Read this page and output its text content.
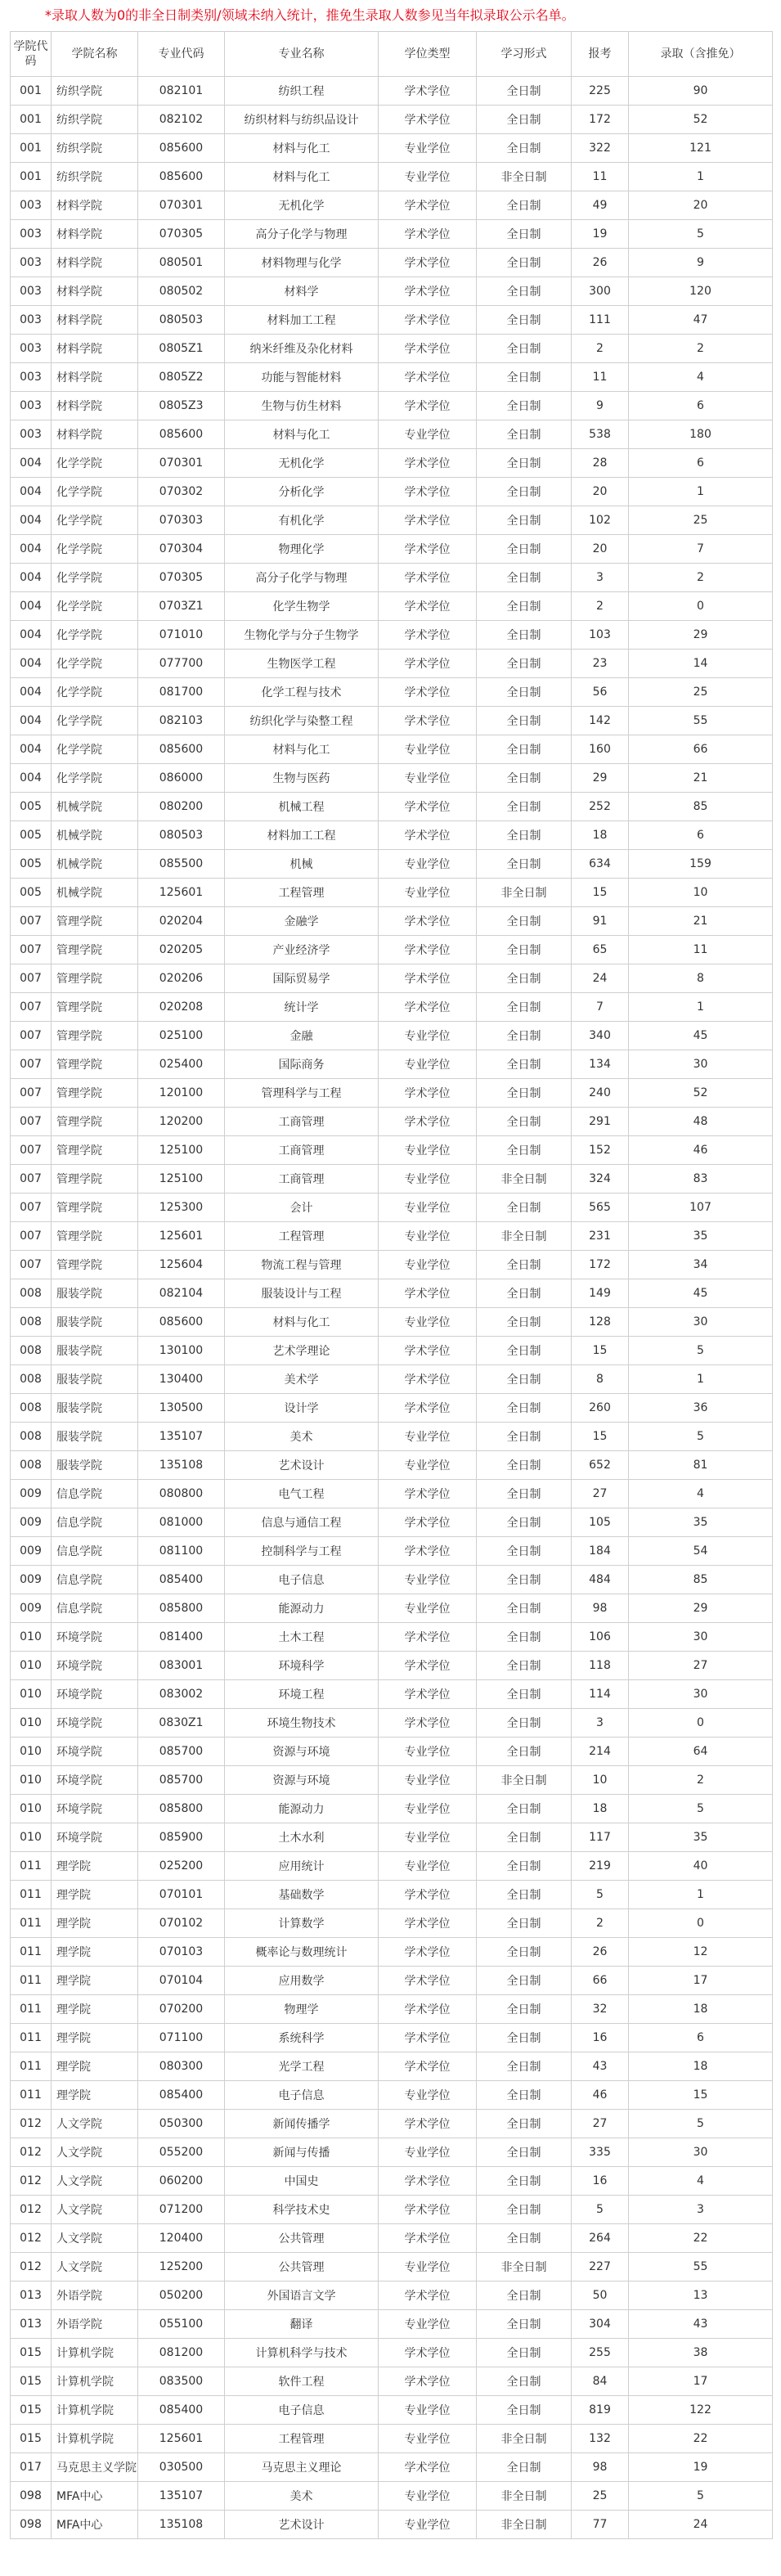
*录取人数为0的非全日制类别/领域未纳入统计，推免生录取人数参见当年拟录取公示名单。
学院代码	学院名称	专业代码	专业名称	学位类型	学习形式	报考	录取（含推免）
001	纺织学院	082101	纺织工程	学术学位	全日制	225	90
001	纺织学院	082102	纺织材料与纺织品设计	学术学位	全日制	172	52
001	纺织学院	085600	材料与化工	专业学位	全日制	322	121
001	纺织学院	085600	材料与化工	专业学位	非全日制	11	1
003	材料学院	070301	无机化学	学术学位	全日制	49	20
003	材料学院	070305	高分子化学与物理	学术学位	全日制	19	5
003	材料学院	080501	材料物理与化学	学术学位	全日制	26	9
003	材料学院	080502	材料学	学术学位	全日制	300	120
003	材料学院	080503	材料加工工程	学术学位	全日制	111	47
003	材料学院	0805Z1	纳米纤维及杂化材料	学术学位	全日制	2	2
003	材料学院	0805Z2	功能与智能材料	学术学位	全日制	11	4
003	材料学院	0805Z3	生物与仿生材料	学术学位	全日制	9	6
003	材料学院	085600	材料与化工	专业学位	全日制	538	180
004	化学学院	070301	无机化学	学术学位	全日制	28	6
004	化学学院	070302	分析化学	学术学位	全日制	20	1
004	化学学院	070303	有机化学	学术学位	全日制	102	25
004	化学学院	070304	物理化学	学术学位	全日制	20	7
004	化学学院	070305	高分子化学与物理	学术学位	全日制	3	2
004	化学学院	0703Z1	化学生物学	学术学位	全日制	2	0
004	化学学院	071010	生物化学与分子生物学	学术学位	全日制	103	29
004	化学学院	077700	生物医学工程	学术学位	全日制	23	14
004	化学学院	081700	化学工程与技术	学术学位	全日制	56	25
004	化学学院	082103	纺织化学与染整工程	学术学位	全日制	142	55
004	化学学院	085600	材料与化工	专业学位	全日制	160	66
004	化学学院	086000	生物与医药	专业学位	全日制	29	21
005	机械学院	080200	机械工程	学术学位	全日制	252	85
005	机械学院	080503	材料加工工程	学术学位	全日制	18	6
005	机械学院	085500	机械	专业学位	全日制	634	159
005	机械学院	125601	工程管理	专业学位	非全日制	15	10
007	管理学院	020204	金融学	学术学位	全日制	91	21
007	管理学院	020205	产业经济学	学术学位	全日制	65	11
007	管理学院	020206	国际贸易学	学术学位	全日制	24	8
007	管理学院	020208	统计学	学术学位	全日制	7	1
007	管理学院	025100	金融	专业学位	全日制	340	45
007	管理学院	025400	国际商务	专业学位	全日制	134	30
007	管理学院	120100	管理科学与工程	学术学位	全日制	240	52
007	管理学院	120200	工商管理	学术学位	全日制	291	48
007	管理学院	125100	工商管理	专业学位	全日制	152	46
007	管理学院	125100	工商管理	专业学位	非全日制	324	83
007	管理学院	125300	会计	专业学位	全日制	565	107
007	管理学院	125601	工程管理	专业学位	非全日制	231	35
007	管理学院	125604	物流工程与管理	专业学位	全日制	172	34
008	服装学院	082104	服装设计与工程	学术学位	全日制	149	45
008	服装学院	085600	材料与化工	专业学位	全日制	128	30
008	服装学院	130100	艺术学理论	学术学位	全日制	15	5
008	服装学院	130400	美术学	学术学位	全日制	8	1
008	服装学院	130500	设计学	学术学位	全日制	260	36
008	服装学院	135107	美术	专业学位	全日制	15	5
008	服装学院	135108	艺术设计	专业学位	全日制	652	81
009	信息学院	080800	电气工程	学术学位	全日制	27	4
009	信息学院	081000	信息与通信工程	学术学位	全日制	105	35
009	信息学院	081100	控制科学与工程	学术学位	全日制	184	54
009	信息学院	085400	电子信息	专业学位	全日制	484	85
009	信息学院	085800	能源动力	专业学位	全日制	98	29
010	环境学院	081400	土木工程	学术学位	全日制	106	30
010	环境学院	083001	环境科学	学术学位	全日制	118	27
010	环境学院	083002	环境工程	学术学位	全日制	114	30
010	环境学院	0830Z1	环境生物技术	学术学位	全日制	3	0
010	环境学院	085700	资源与环境	专业学位	全日制	214	64
010	环境学院	085700	资源与环境	专业学位	非全日制	10	2
010	环境学院	085800	能源动力	专业学位	全日制	18	5
010	环境学院	085900	土木水利	专业学位	全日制	117	35
011	理学院	025200	应用统计	专业学位	全日制	219	40
011	理学院	070101	基础数学	学术学位	全日制	5	1
011	理学院	070102	计算数学	学术学位	全日制	2	0
011	理学院	070103	概率论与数理统计	学术学位	全日制	26	12
011	理学院	070104	应用数学	学术学位	全日制	66	17
011	理学院	070200	物理学	学术学位	全日制	32	18
011	理学院	071100	系统科学	学术学位	全日制	16	6
011	理学院	080300	光学工程	学术学位	全日制	43	18
011	理学院	085400	电子信息	专业学位	全日制	46	15
012	人文学院	050300	新闻传播学	学术学位	全日制	27	5
012	人文学院	055200	新闻与传播	专业学位	全日制	335	30
012	人文学院	060200	中国史	学术学位	全日制	16	4
012	人文学院	071200	科学技术史	学术学位	全日制	5	3
012	人文学院	120400	公共管理	学术学位	全日制	264	22
012	人文学院	125200	公共管理	专业学位	非全日制	227	55
013	外语学院	050200	外国语言文学	学术学位	全日制	50	13
013	外语学院	055100	翻译	专业学位	全日制	304	43
015	计算机学院	081200	计算机科学与技术	学术学位	全日制	255	38
015	计算机学院	083500	软件工程	学术学位	全日制	84	17
015	计算机学院	085400	电子信息	专业学位	全日制	819	122
015	计算机学院	125601	工程管理	专业学位	非全日制	132	22
017	马克思主义学院	030500	马克思主义理论	学术学位	全日制	98	19
098	MFA中心	135107	美术	专业学位	非全日制	25	5
098	MFA中心	135108	艺术设计	专业学位	非全日制	77	24
